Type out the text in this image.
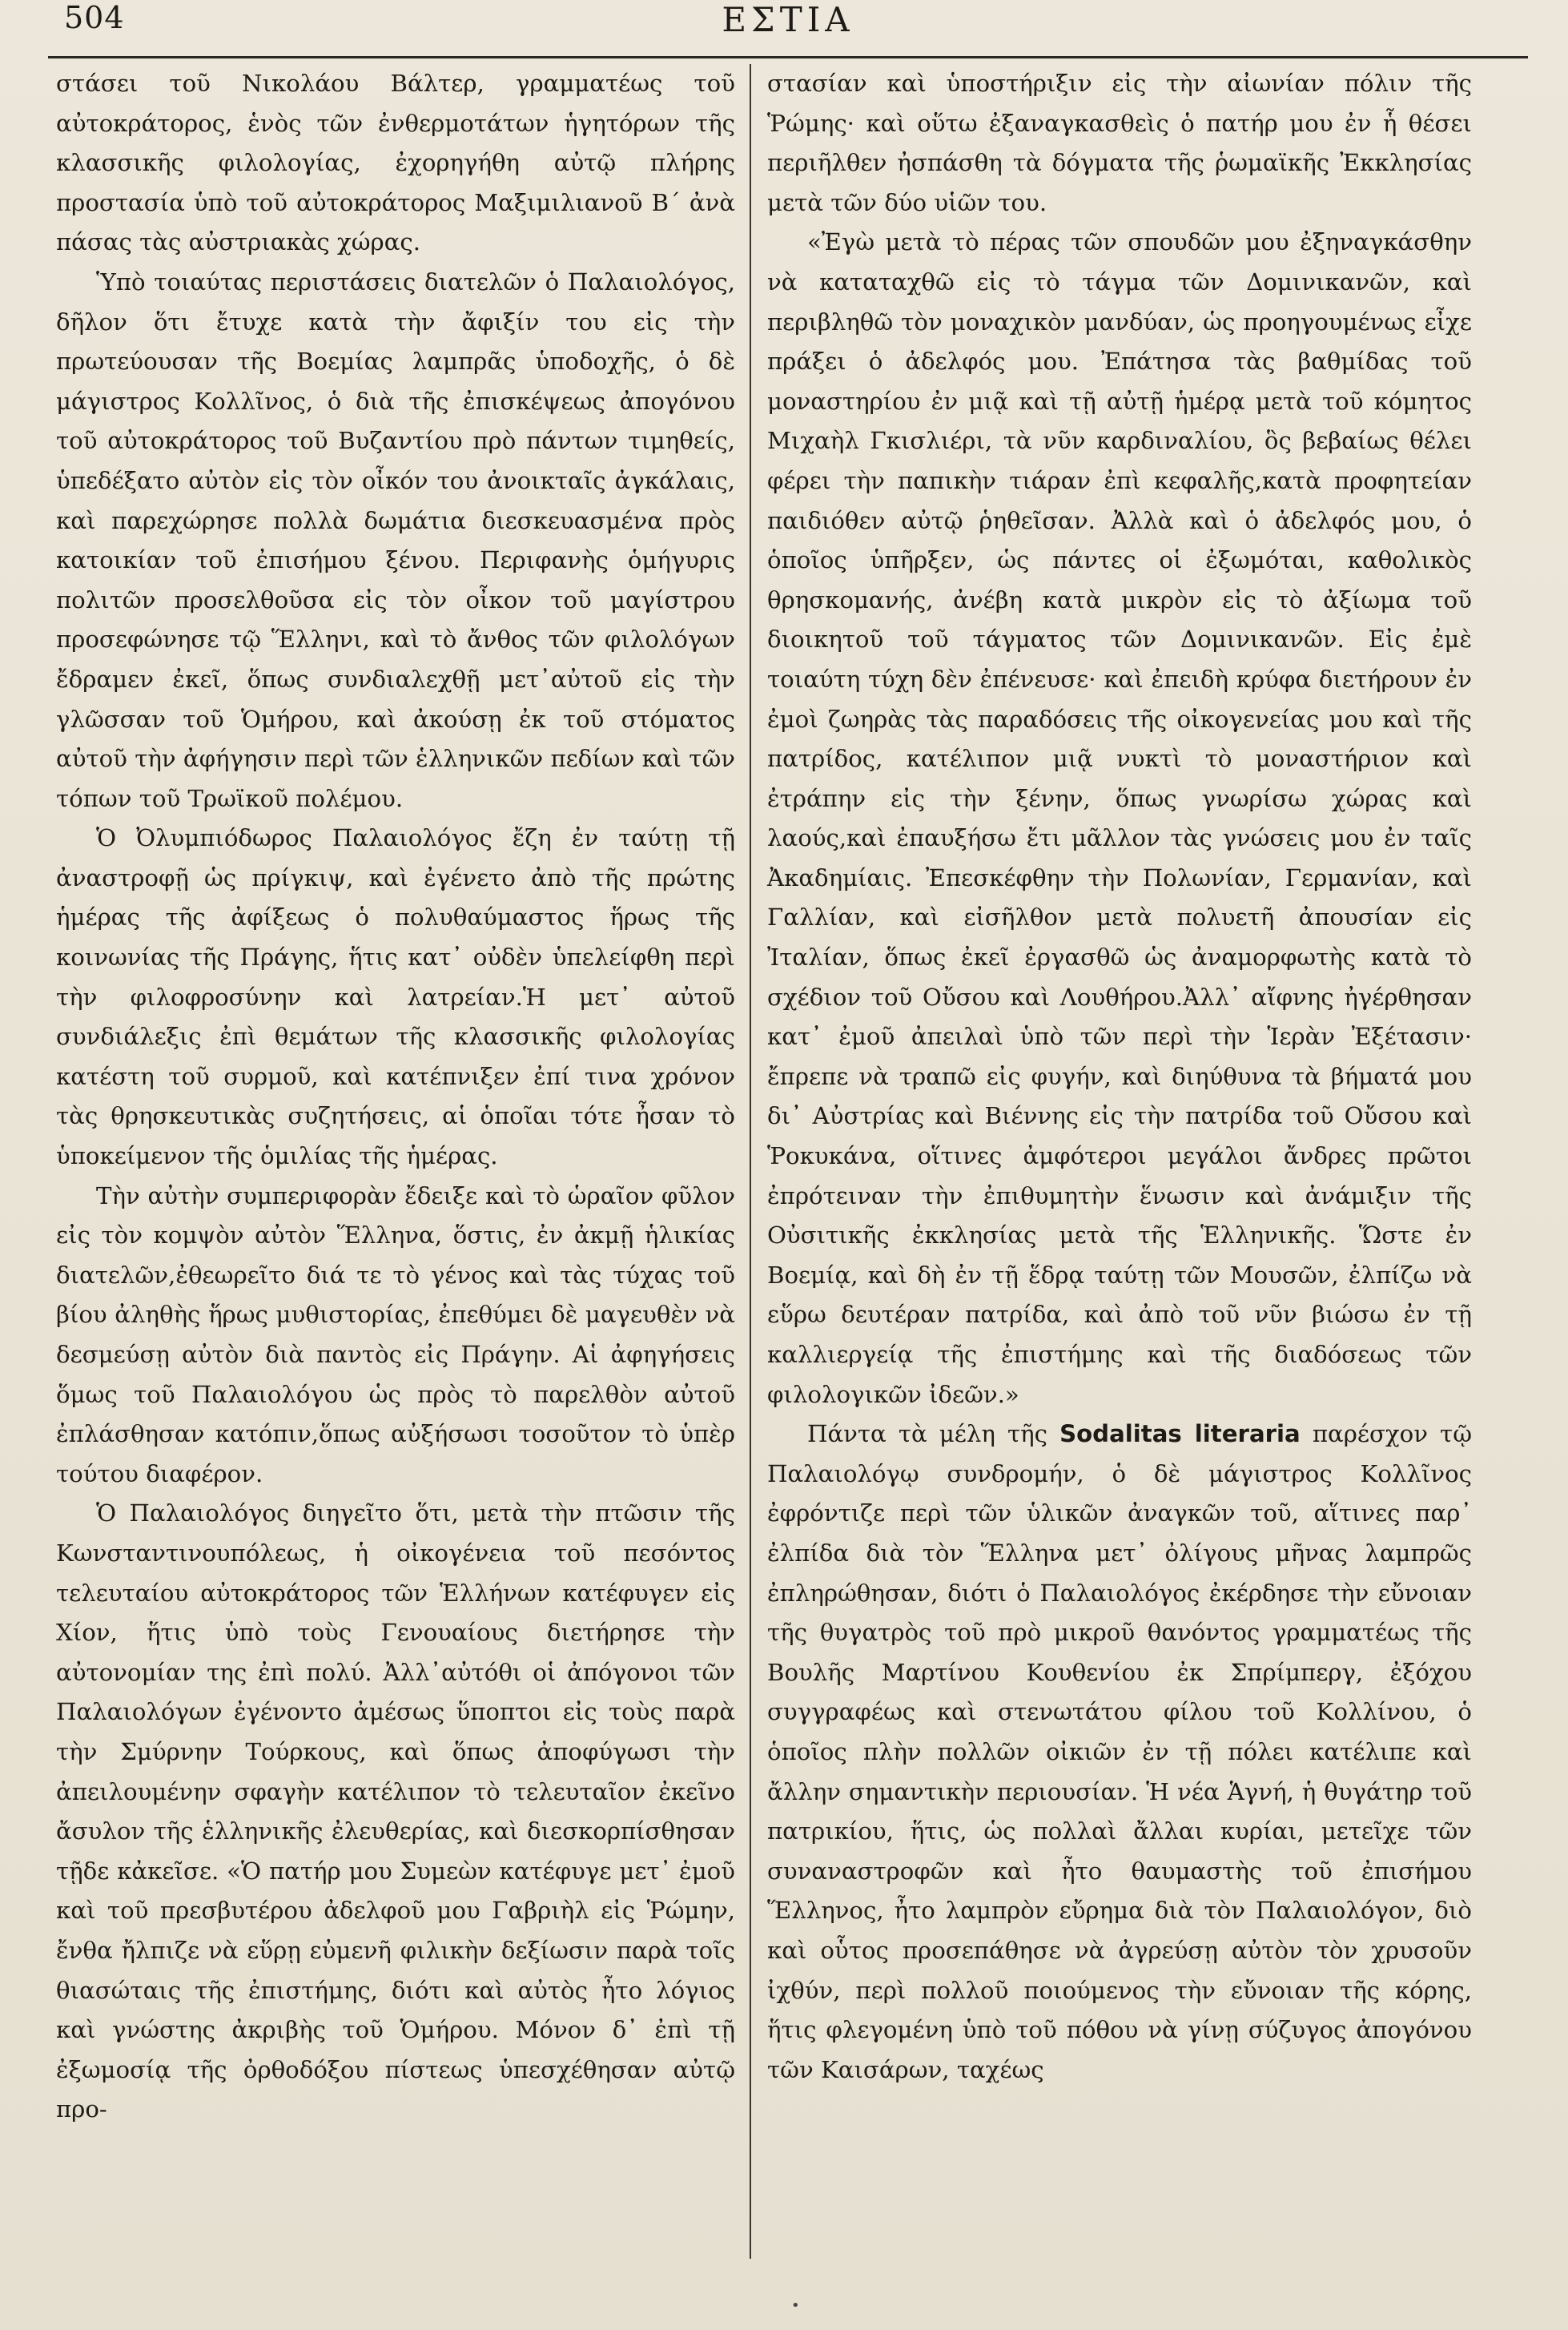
504	ΕΣΤΙΑ

στάσει τοῦ Νικολάου Βάλτερ, γραμματέως τοῦ αὐτοκράτορος, ἑνὸς τῶν ἐνθερμοτάτων ἡγητόρων τῆς κλασσικῆς φιλολογίας, ἐχορηγήθη αὐτῷ πλήρης προστασία ὑπὸ τοῦ αὐτοκράτορος Μαξιμιλιανοῦ Β΄ ἀνὰ πάσας τὰς αὐστριακὰς χώρας.

Ὑπὸ τοιαύτας περιστάσεις διατελῶν ὁ Παλαιολόγος, δῆλον ὅτι ἔτυχε κατὰ τὴν ἄφιξίν του εἰς τὴν πρωτεύουσαν τῆς Βοεμίας λαμπρᾶς ὑποδοχῆς, ὁ δὲ μάγιστρος Κολλῖνος, ὁ διὰ τῆς ἐπισκέψεως ἀπογόνου τοῦ αὐτοκράτορος τοῦ Βυζαντίου πρὸ πάντων τιμηθείς, ὑπεδέξατο αὐτὸν εἰς τὸν οἶκόν του ἀνοικταῖς ἀγκάλαις, καὶ παρεχώρησε πολλὰ δωμάτια διεσκευασμένα πρὸς κατοικίαν τοῦ ἐπισήμου ξένου. Περιφανὴς ὁμήγυρις πολιτῶν προσελθοῦσα εἰς τὸν οἶκον τοῦ μαγίστρου προσεφώνησε τῷ Ἕλληνι, καὶ τὸ ἄνθος τῶν φιλολόγων ἔδραμεν ἐκεῖ, ὅπως συνδιαλεχθῇ μετ᾽αὐτοῦ εἰς τὴν γλῶσσαν τοῦ Ὁμήρου, καὶ ἀκούσῃ ἐκ τοῦ στόματος αὐτοῦ τὴν ἀφήγησιν περὶ τῶν ἑλληνικῶν πεδίων καὶ τῶν τόπων τοῦ Τρωϊκοῦ πολέμου.

Ὁ Ὀλυμπιόδωρος Παλαιολόγος ἔζη ἐν ταύτῃ τῇ ἀναστροφῇ ὡς πρίγκιψ, καὶ ἐγένετο ἀπὸ τῆς πρώτης ἡμέρας τῆς ἀφίξεως ὁ πολυθαύμαστος ἥρως τῆς κοινωνίας τῆς Πράγης, ἥτις κατ᾽ οὐδὲν ὑπελείφθη περὶ τὴν φιλοφροσύνην καὶ λατρείαν.Ἡ μετ᾽ αὐτοῦ συνδιάλεξις ἐπὶ θεμάτων τῆς κλασσικῆς φιλολογίας κατέστη τοῦ συρμοῦ, καὶ κατέπνιξεν ἐπί τινα χρόνον τὰς θρησκευτικὰς συζητήσεις, αἱ ὁποῖαι τότε ἦσαν τὸ ὑποκείμενον τῆς ὁμιλίας τῆς ἡμέρας.

Τὴν αὐτὴν συμπεριφορὰν ἔδειξε καὶ τὸ ὡραῖον φῦλον εἰς τὸν κομψὸν αὐτὸν Ἕλληνα, ὅστις, ἐν ἀκμῇ ἡλικίας διατελῶν,ἐθεωρεῖτο διά τε τὸ γένος καὶ τὰς τύχας τοῦ βίου ἀληθὴς ἥρως μυθιστορίας, ἐπεθύμει δὲ μαγευθὲν νὰ δεσμεύσῃ αὐτὸν διὰ παντὸς εἰς Πράγην. Αἱ ἀφηγήσεις ὅμως τοῦ Παλαιολόγου ὡς πρὸς τὸ παρελθὸν αὐτοῦ ἐπλάσθησαν κατόπιν,ὅπως αὐξήσωσι τοσοῦτον τὸ ὑπὲρ τούτου διαφέρον.

Ὁ Παλαιολόγος διηγεῖτο ὅτι, μετὰ τὴν πτῶσιν τῆς Κωνσταντινουπόλεως, ἡ οἰκογένεια τοῦ πεσόντος τελευταίου αὐτοκράτορος τῶν Ἑλλήνων κατέφυγεν εἰς Χίον, ἥτις ὑπὸ τοὺς Γενουαίους διετήρησε τὴν αὐτονομίαν της ἐπὶ πολύ. Ἀλλ᾽αὐτόθι οἱ ἀπόγονοι τῶν Παλαιολόγων ἐγένοντο ἀμέσως ὕποπτοι εἰς τοὺς παρὰ τὴν Σμύρνην Τούρκους, καὶ ὅπως ἀποφύγωσι τὴν ἀπειλουμένην σφαγὴν κατέλιπον τὸ τελευταῖον ἐκεῖνο ἄσυλον τῆς ἑλληνικῆς ἐλευθερίας, καὶ διεσκορπίσθησαν τῇδε κἀκεῖσε. «Ὁ πατήρ μου Συμεὼν κατέφυγε μετ᾽ ἐμοῦ καὶ τοῦ πρεσβυτέρου ἀδελφοῦ μου Γαβριὴλ εἰς Ῥώμην, ἔνθα ἤλπιζε νὰ εὕρῃ εὐμενῆ φιλικὴν δεξίωσιν παρὰ τοῖς θιασώταις τῆς ἐπιστήμης, διότι καὶ αὐτὸς ἦτο λόγιος καὶ γνώστης ἀκριβὴς τοῦ Ὁμήρου. Μόνον δ᾽ ἐπὶ τῇ ἐξωμοσίᾳ τῆς ὀρθοδόξου πίστεως ὑπεσχέθησαν αὐτῷ προ-

στασίαν καὶ ὑποστήριξιν εἰς τὴν αἰωνίαν πόλιν τῆς Ῥώμης· καὶ οὕτω ἐξαναγκασθεὶς ὁ πατήρ μου ἐν ἧ θέσει περιῆλθεν ἠσπάσθη τὰ δόγματα τῆς ῥωμαϊκῆς Ἐκκλησίας μετὰ τῶν δύο υἱῶν του.

«Ἐγὼ μετὰ τὸ πέρας τῶν σπουδῶν μου ἐξηναγκάσθην νὰ καταταχθῶ εἰς τὸ τάγμα τῶν Δομινικανῶν, καὶ περιβληθῶ τὸν μοναχικὸν μανδύαν, ὡς προηγουμένως εἶχε πράξει ὁ ἀδελφός μου. Ἐπάτησα τὰς βαθμίδας τοῦ μοναστηρίου ἐν μιᾷ καὶ τῇ αὐτῇ ἡμέρᾳ μετὰ τοῦ κόμητος Μιχαὴλ Γκισλιέρι, τὰ νῦν καρδιναλίου, ὃς βεβαίως θέλει φέρει τὴν παπικὴν τιάραν ἐπὶ κεφαλῆς,κατὰ προφητείαν παιδιόθεν αὐτῷ ῥηθεῖσαν. Ἀλλὰ καὶ ὁ ἀδελφός μου, ὁ ὁποῖος ὑπῆρξεν, ὡς πάντες οἱ ἐξωμόται, καθολικὸς θρησκομανής, ἀνέβη κατὰ μικρὸν εἰς τὸ ἀξίωμα τοῦ διοικητοῦ τοῦ τάγματος τῶν Δομινικανῶν. Εἰς ἐμὲ τοιαύτη τύχη δὲν ἐπένευσε· καὶ ἐπειδὴ κρύφα διετήρουν ἐν ἐμοὶ ζωηρὰς τὰς παραδόσεις τῆς οἰκογενείας μου καὶ τῆς πατρίδος, κατέλιπον μιᾷ νυκτὶ τὸ μοναστήριον καὶ ἐτράπην εἰς τὴν ξένην, ὅπως γνωρίσω χώρας καὶ λαούς,καὶ ἐπαυξήσω ἔτι μᾶλλον τὰς γνώσεις μου ἐν ταῖς Ἀκαδημίαις. Ἐπεσκέφθην τὴν Πολωνίαν, Γερμανίαν, καὶ Γαλλίαν, καὶ εἰσῆλθον μετὰ πολυετῆ ἀπουσίαν εἰς Ἰταλίαν, ὅπως ἐκεῖ ἐργασθῶ ὡς ἀναμορφωτὴς κατὰ τὸ σχέδιον τοῦ Οὔσου καὶ Λουθήρου.Ἀλλ᾽ αἴφνης ἠγέρθησαν κατ᾽ ἐμοῦ ἀπειλαὶ ὑπὸ τῶν περὶ τὴν Ἱερὰν Ἐξέτασιν· ἔπρεπε νὰ τραπῶ εἰς φυγήν, καὶ διηύθυνα τὰ βήματά μου δι᾽ Αὐστρίας καὶ Βιέννης εἰς τὴν πατρίδα τοῦ Οὔσου καὶ Ῥοκυκάνα, οἵτινες ἀμφότεροι μεγάλοι ἄνδρες πρῶτοι ἐπρότειναν τὴν ἐπιθυμητὴν ἕνωσιν καὶ ἀνάμιξιν τῆς Οὐσιτικῆς ἐκκλησίας μετὰ τῆς Ἑλληνικῆς. Ὥστε ἐν Βοεμίᾳ, καὶ δὴ ἐν τῇ ἕδρᾳ ταύτῃ τῶν Μουσῶν, ἐλπίζω νὰ εὕρω δευτέραν πατρίδα, καὶ ἀπὸ τοῦ νῦν βιώσω ἐν τῇ καλλιεργείᾳ τῆς ἐπιστήμης καὶ τῆς διαδόσεως τῶν φιλολογικῶν ἰδεῶν.»

Πάντα τὰ μέλη τῆς Sodalitas literaria παρέσχον τῷ Παλαιολόγῳ συνδρομήν, ὁ δὲ μάγιστρος Κολλῖνος ἐφρόντιζε περὶ τῶν ὑλικῶν ἀναγκῶν τοῦ, αἵτινες παρ᾽ ἐλπίδα διὰ τὸν Ἕλληνα μετ᾽ ὀλίγους μῆνας λαμπρῶς ἐπληρώθησαν, διότι ὁ Παλαιολόγος ἐκέρδησε τὴν εὔνοιαν τῆς θυγατρὸς τοῦ πρὸ μικροῦ θανόντος γραμματέως τῆς Βουλῆς Μαρτίνου Κουθενίου ἐκ Σπρίμπεργ, ἐξόχου συγγραφέως καὶ στενωτάτου φίλου τοῦ Κολλίνου, ὁ ὁποῖος πλὴν πολλῶν οἰκιῶν ἐν τῇ πόλει κατέλιπε καὶ ἄλλην σημαντικὴν περιουσίαν. Ἡ νέα Ἁγνή, ἡ θυγάτηρ τοῦ πατρικίου, ἥτις, ὡς πολλαὶ ἄλλαι κυρίαι, μετεῖχε τῶν συναναστροφῶν καὶ ἦτο θαυμαστὴς τοῦ ἐπισήμου Ἕλληνος, ἦτο λαμπρὸν εὔρημα διὰ τὸν Παλαιολόγον, διὸ καὶ οὗτος προσεπάθησε νὰ ἀγρεύσῃ αὐτὸν τὸν χρυσοῦν ἰχθύν, περὶ πολλοῦ ποιούμενος τὴν εὔνοιαν τῆς κόρης, ἥτις φλεγομένη ὑπὸ τοῦ πόθου νὰ γίνῃ σύζυγος ἀπογόνου τῶν Καισάρων, ταχέως

•
